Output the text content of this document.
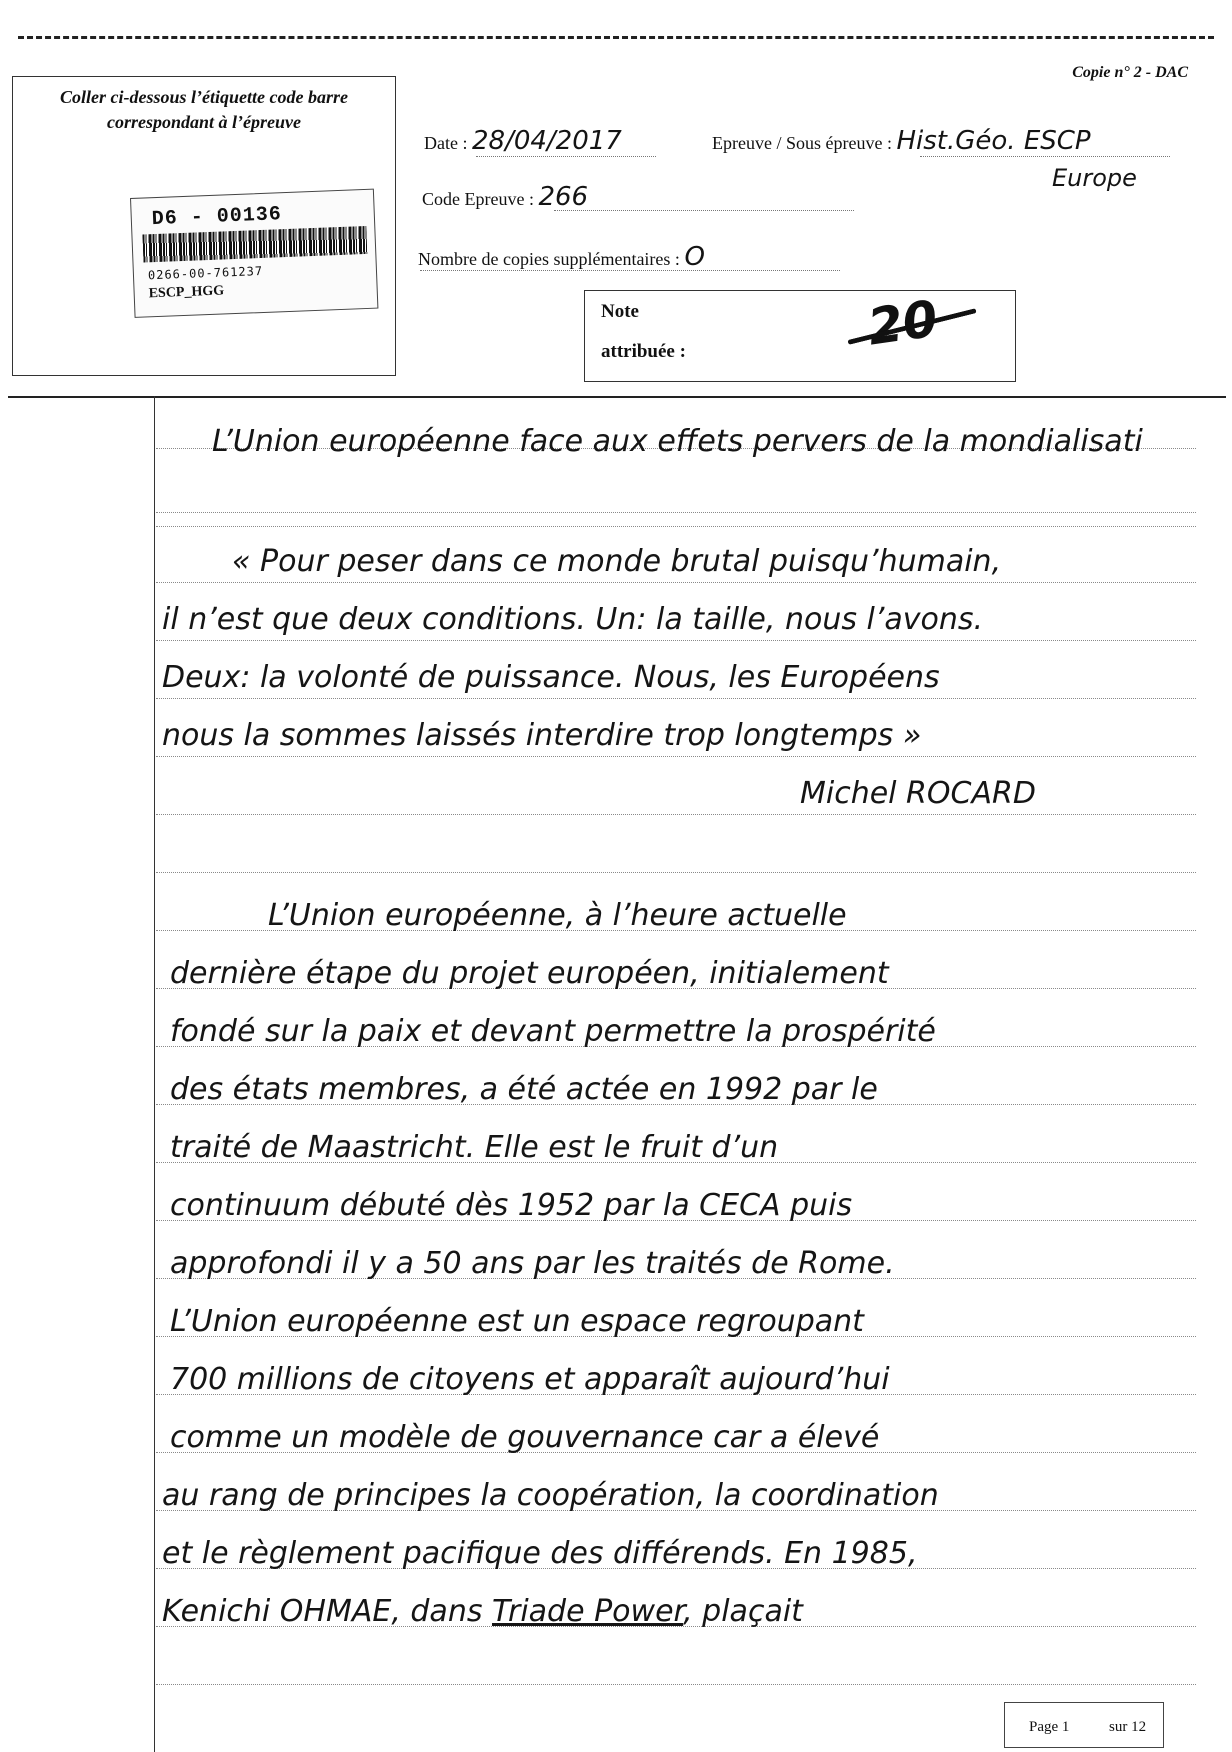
Coller ci-dessous l’étiquette code barre
correspondant à l’épreuve
D6 - 00136
0266-00-761237
ESCP_HGG
Copie n° 2 - DAC
Date : 28/04/2017	Epreuve / Sous épreuve : Hist.Géo. ESCP
Europe
Code Epreuve : 266
Nombre de copies supplémentaires : O
Note
attribuée :	20
L’Union européenne face aux effets pervers de la mondialisati
« Pour peser dans ce monde brutal puisqu’humain,
il n’est que deux conditions. Un: la taille, nous l’avons.
Deux: la volonté de puissance. Nous, les Européens
nous la sommes laissés interdire trop longtemps »
Michel ROCARD
L’Union européenne, à l’heure actuelle
dernière étape du projet européen, initialement
fondé sur la paix et devant permettre la prospérité
des états membres, a été actée en 1992 par le
traité de Maastricht. Elle est le fruit d’un
continuum débuté dès 1952 par la CECA puis
approfondi il y a 50 ans par les traités de Rome.
L’Union européenne est un espace regroupant
700 millions de citoyens et apparaît aujourd’hui
comme un modèle de gouvernance car a élevé
au rang de principes la coopération, la coordination
et le règlement pacifique des différends. En 1985,
Kenichi OHMAE, dans Triade Power, plaçait
Page 1	sur 12
